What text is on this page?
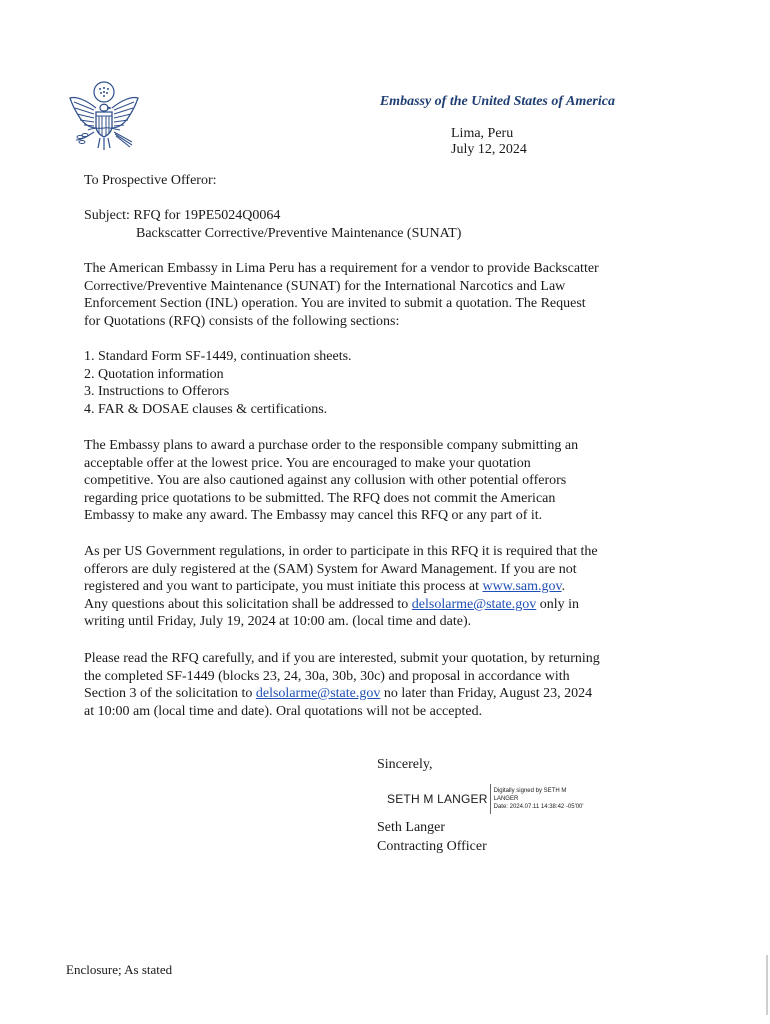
Embassy of the United States of America
Lima, Peru
July 12, 2024
To Prospective Offeror:
Subject: RFQ for 19PE5024Q0064
Backscatter Corrective/Preventive Maintenance (SUNAT)
The American Embassy in Lima Peru has a requirement for a vendor to provide Backscatter
Corrective/Preventive Maintenance (SUNAT) for the International Narcotics and Law
Enforcement Section (INL) operation. You are invited to submit a quotation. The Request
for Quotations (RFQ) consists of the following sections:
1. Standard Form SF-1449, continuation sheets.
2. Quotation information
3. Instructions to Offerors
4. FAR & DOSAE clauses & certifications.
The Embassy plans to award a purchase order to the responsible company submitting an
acceptable offer at the lowest price. You are encouraged to make your quotation
competitive. You are also cautioned against any collusion with other potential offerors
regarding price quotations to be submitted. The RFQ does not commit the American
Embassy to make any award. The Embassy may cancel this RFQ or any part of it.
As per US Government regulations, in order to participate in this RFQ it is required that the
offerors are duly registered at the (SAM) System for Award Management. If you are not
registered and you want to participate, you must initiate this process at www.sam.gov.
Any questions about this solicitation shall be addressed to delsolarme@state.gov only in
writing until Friday, July 19, 2024 at 10:00 am. (local time and date).
Please read the RFQ carefully, and if you are interested, submit your quotation, by returning
the completed SF-1449 (blocks 23, 24, 30a, 30b, 30c) and proposal in accordance with
Section 3 of the solicitation to delsolarme@state.gov no later than Friday, August 23, 2024
at 10:00 am (local time and date). Oral quotations will not be accepted.
Sincerely,
SETH M LANGER
Digitally signed by SETH M
LANGER
Date: 2024.07.11 14:38:42 -05'00'
Seth Langer
Contracting Officer
Enclosure; As stated
